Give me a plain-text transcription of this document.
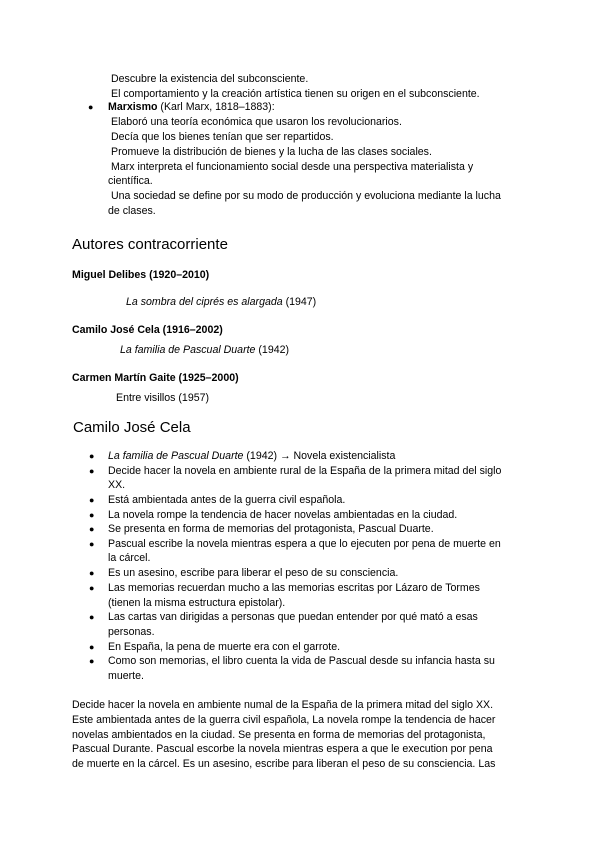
Descubre la existencia del subconsciente.
El comportamiento y la creación artística tienen su origen en el subconsciente.
● Marxismo (Karl Marx, 1818–1883):
Elaboró una teoría económica que usaron los revolucionarios.
Decía que los bienes tenían que ser repartidos.
Promueve la distribución de bienes y la lucha de las clases sociales.
Marx interpreta el funcionamiento social desde una perspectiva materialista y
científica.
Una sociedad se define por su modo de producción y evoluciona mediante la lucha
de clases.
Autores contracorriente
Miguel Delibes (1920–2010)
La sombra del ciprés es alargada (1947)
Camilo José Cela (1916–2002)
La familia de Pascual Duarte (1942)
Carmen Martín Gaite (1925–2000)
Entre visillos (1957)
Camilo José Cela
● La familia de Pascual Duarte (1942) → Novela existencialista
● Decide hacer la novela en ambiente rural de la España de la primera mitad del siglo
XX.
● Está ambientada antes de la guerra civil española.
● La novela rompe la tendencia de hacer novelas ambientadas en la ciudad.
● Se presenta en forma de memorias del protagonista, Pascual Duarte.
● Pascual escribe la novela mientras espera a que lo ejecuten por pena de muerte en
la cárcel.
● Es un asesino, escribe para liberar el peso de su consciencia.
● Las memorias recuerdan mucho a las memorias escritas por Lázaro de Tormes
(tienen la misma estructura epistolar).
● Las cartas van dirigidas a personas que puedan entender por qué mató a esas
personas.
● En España, la pena de muerte era con el garrote.
● Como son memorias, el libro cuenta la vida de Pascual desde su infancia hasta su
muerte.
Decide hacer la novela en ambiente numal de la España de la primera mitad del siglo XX.
Este ambientada antes de la guerra civil española, La novela rompe la tendencia de hacer
novelas ambientados en la ciudad. Se presenta en forma de memorias del protagonista,
Pascual Durante. Pascual escorbe la novela mientras espera a que le execution por pena
de muerte en la cárcel. Es un asesino, escribe para liberan el peso de su consciencia. Las
